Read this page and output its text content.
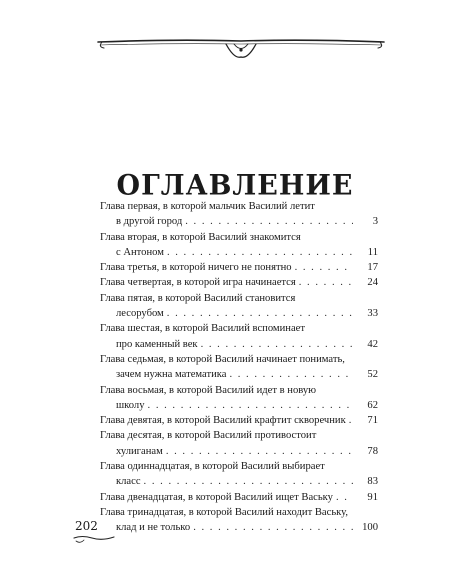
ОГЛАВЛЕНИЕ
Глава первая, в которой мальчик Василий летит
в другой город . . .	3
Глава вторая, в которой Василий знакомится
с Антоном . . .	11
Глава третья, в которой ничего не понятно . . .	17
Глава четвертая, в которой игра начинается . . .	24
Глава пятая, в которой Василий становится
лесорубом . . .	33
Глава шестая, в которой Василий вспоминает
про каменный век . . .	42
Глава седьмая, в которой Василий начинает понимать,
зачем нужна математика . . .	52
Глава восьмая, в которой Василий идет в новую
школу . . .	62
Глава девятая, в которой Василий крафтит скворечник . . .	71
Глава десятая, в которой Василий противостоит
хулиганам . . .	78
Глава одиннадцатая, в которой Василий выбирает
класс . . .	83
Глава двенадцатая, в которой Василий ищет Ваську . . .	91
Глава тринадцатая, в которой Василий находит Ваську,
клад и не только . . .	100
202
